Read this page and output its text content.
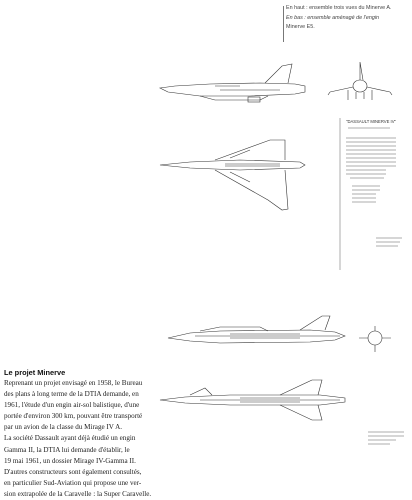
En haut : ensemble trois vues du Minerve A.
En bas : ensemble aménagé de l'engin
Minerve E5.
"DASSAULT MINERVE IV"
Le projet Minerve

Reprenant un projet envisagé en 1958, le Bureau
des plans à long terme de la DTIA demande, en
1961, l'étude d'un engin air-sol balistique, d'une
portée d'environ 300 km, pouvant être transporté
par un avion de la classe du Mirage IV A.
La société Dassault ayant déjà étudié un engin
Gamma II, la DTIA lui demande d'établir, le
19 mai 1961, un dossier Mirage IV-Gamma II.
D'autres constructeurs sont également consultés,
en particulier Sud-Aviation qui propose une ver-
sion extrapolée de la Caravelle : la Super Caravelle.
